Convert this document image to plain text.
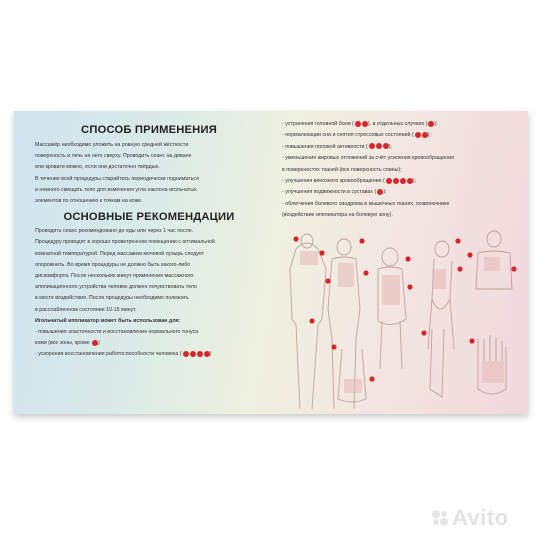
СПОСОБ ПРИМЕНЕНИЯ

Массажёр необходимо уложить на ровную средней жёсткости

поверхность и лечь на него сверху. Проводить сеанс на диване

или кровати можно, если они достаточно твёрдые.

В течение всей процедуры старайтесь периодически подниматься

и немного смещать тело для изменения угла наклона игольчатых

элементов по отношению к точкам на коже.

ОСНОВНЫЕ РЕКОМЕНДАЦИИ

Проводить сеанс рекомендовано до еды или через 1 час после.

Процедуру проводят в хорошо проветренном помещении с оптимальной

комнатной температурой. Перед массажем мочевой пузырь следует

опорожнить. Во время процедуры не должно быть какого-либо

дискомфорта. После нескольких минут применения массажного

аппликационного устройства человек должен почувствовать тело

в месте воздействия. После процедуры необходимо полежать

в расслабленном состоянии 10-15 минут.

Игольчатый иппликатор может быть использован для:

- повышения эластичности и восстановления нормального тонуса

кожи (все зоны, кроме )

- ускорения восстановления работоспособности человека (	)

- устранения головной боли (	), в отдельных случаях ( );
- нормализации сна и снятия стрессовых состояний (	);
- повышения половой активности (	);
- уменьшения жировых отложений за счёт усиления кровообращения
в поверхностях тканей (все поверхность спины);
- улучшения венозного кровообращения (	);
- улучшения подвижности в суставах ( );
- облегчения болевого синдрома в мышечных тканях, позвоночнике
(воздействие иппликатора на болевую зону).
Avito
